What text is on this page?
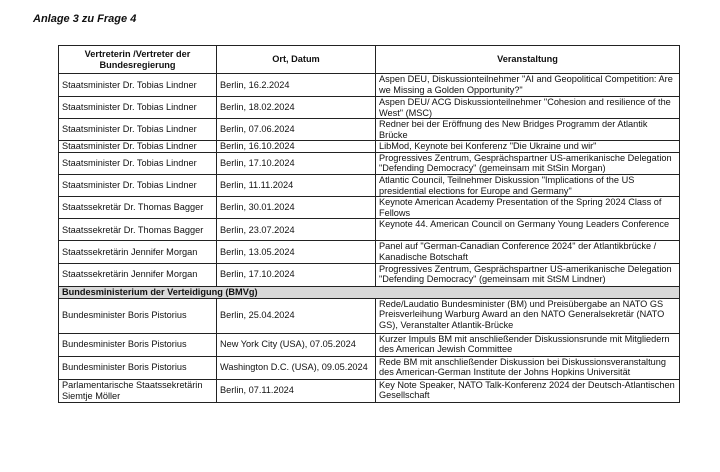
Anlage 3 zu Frage 4
Vertreterin /Vertreter der Bundesregierung	Ort, Datum	Veranstaltung
Staatsminister Dr. Tobias Lindner	Berlin, 16.2.2024	Aspen DEU, Diskussionteilnehmer "AI and Geopolitical Competition: Are we Missing a Golden Opportunity?"
Staatsminister Dr. Tobias Lindner	Berlin, 18.02.2024	Aspen DEU/ ACG Diskussionteilnehmer "Cohesion and resilience of the West" (MSC)
Staatsminister Dr. Tobias Lindner	Berlin, 07.06.2024	Redner bei der Eröffnung des New Bridges Programm der Atlantik Brücke
Staatsminister Dr. Tobias Lindner	Berlin, 16.10.2024	LibMod, Keynote bei Konferenz "Die Ukraine und wir"
Staatsminister Dr. Tobias Lindner	Berlin, 17.10.2024	Progressives Zentrum, Gesprächspartner US-amerikanische Delegation "Defending Democracy" (gemeinsam mit StSin Morgan)
Staatsminister Dr. Tobias Lindner	Berlin, 11.11.2024	Atlantic Council, Teilnehmer Diskussion "Implications of the US presidential elections for Europe and Germany"
Staatssekretär Dr. Thomas Bagger	Berlin, 30.01.2024	Keynote American Academy Presentation of the Spring 2024 Class of Fellows
Staatssekretär Dr. Thomas Bagger	Berlin, 23.07.2024	Keynote 44. American Council on Germany Young Leaders Conference
Staatssekretärin Jennifer Morgan	Berlin, 13.05.2024	Panel auf "German-Canadian Conference 2024" der Atlantikbrücke / Kanadische Botschaft
Staatssekretärin Jennifer Morgan	Berlin, 17.10.2024	Progressives Zentrum, Gesprächspartner US-amerikanische Delegation "Defending Democracy" (gemeinsam mit StSM Lindner)
Bundesministerium der Verteidigung (BMVg)		
Bundesminister Boris Pistorius	Berlin, 25.04.2024	Rede/Laudatio Bundesminister (BM) und Preisübergabe an NATO GS Preisverleihung Warburg Award an den NATO Generalsekretär (NATO GS), Veranstalter Atlantik-Brücke
Bundesminister Boris Pistorius	New York City (USA), 07.05.2024	Kurzer Impuls BM mit anschließender Diskussionsrunde mit Mitgliedern des American Jewish Committee
Bundesminister Boris Pistorius	Washington D.C. (USA), 09.05.2024	Rede BM mit anschließender Diskussion bei Diskussionsveranstaltung des American-German Institute der Johns Hopkins Universität
Parlamentarische Staatssekretärin Siemtje Möller	Berlin, 07.11.2024	Key Note Speaker, NATO Talk-Konferenz 2024 der Deutsch-Atlantischen Gesellschaft
